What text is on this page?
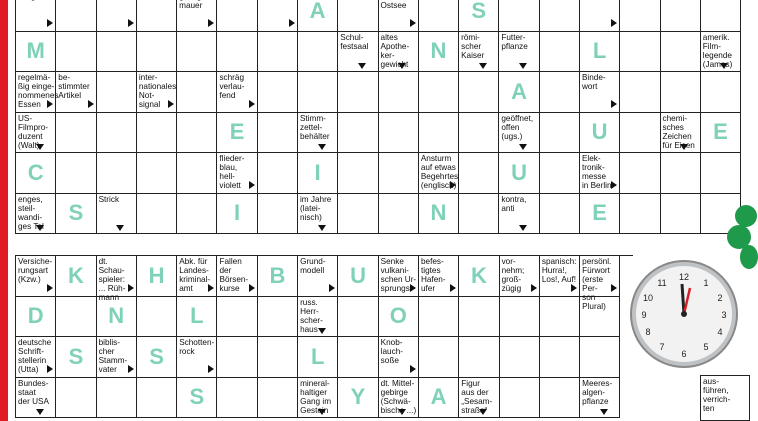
mauer	A	
Ostsee	S
M
Schul-
festsaal
altes
Apothe-
ker-
gewicht
N
römi-
scher
Kaiser
Futter-
pflanze	L
amerik.
Film-
legende
(James)
regelmä-
ßig einge-
nommenes
Essen
be-
stimmter
Artikel
inter-
nationales
Not-
signal
schräg
verlau-
fend	A
Binde-
wort
US-
Filmpro-
duzent
(Walt)
E
Stimm-
zettel-
behälter
geöffnet,
offen
(ugs.)	U
chemi-
sches
Zeichen
für Eisen
E
C
flieder-
blau,
hell-
violett
I
Ansturm
auf etwas
Begehrtes
(englisch)
U
Elek-
tronik-
messe
in Berlin
enges,
steil-
wandi-
ges Tal
S
Strick
I
im Jahre
(latei-
nisch)	N
kontra,
anti	E
Versiche-
rungsart
(Kzw.)	K
dt. Schau-
spieler:
... Rüh-
mann
H
Abk. für
Landes-
kriminal-
amt
Fallen
der
Börsen-
kurse
B
Grund-
modell U
Senke
vulkani-
schen Ur-
sprungs
befes-
tigtes
Hafen-
ufer
K
vor-
nehm;
groß-
zügig
spanisch:
Hurra!,
Los!, Auf!
persönl.
Fürwort
(erste Per-
son Plural)
D	N	L
russ.
Herr-
scher-
haus
O
deutsche
Schrift-
stellerin
(Utta)
S
biblis-
cher
Stamm-
vater
S
Schotten-
rock	L
Knob-
lauch-
soße
Bundes-
staat
der USA	S
mineral-
haltiger
Gang im
Gestein
Y
dt. Mittel-
gebirge
(Schwä-
bische ...)
A
Figur
aus der
„Sesam-
straße“
Meeres-
algen-
pflanze
aus-
führen,
verrich-
ten
12
1
2
3
4
5
6
7
8
9
10
11
